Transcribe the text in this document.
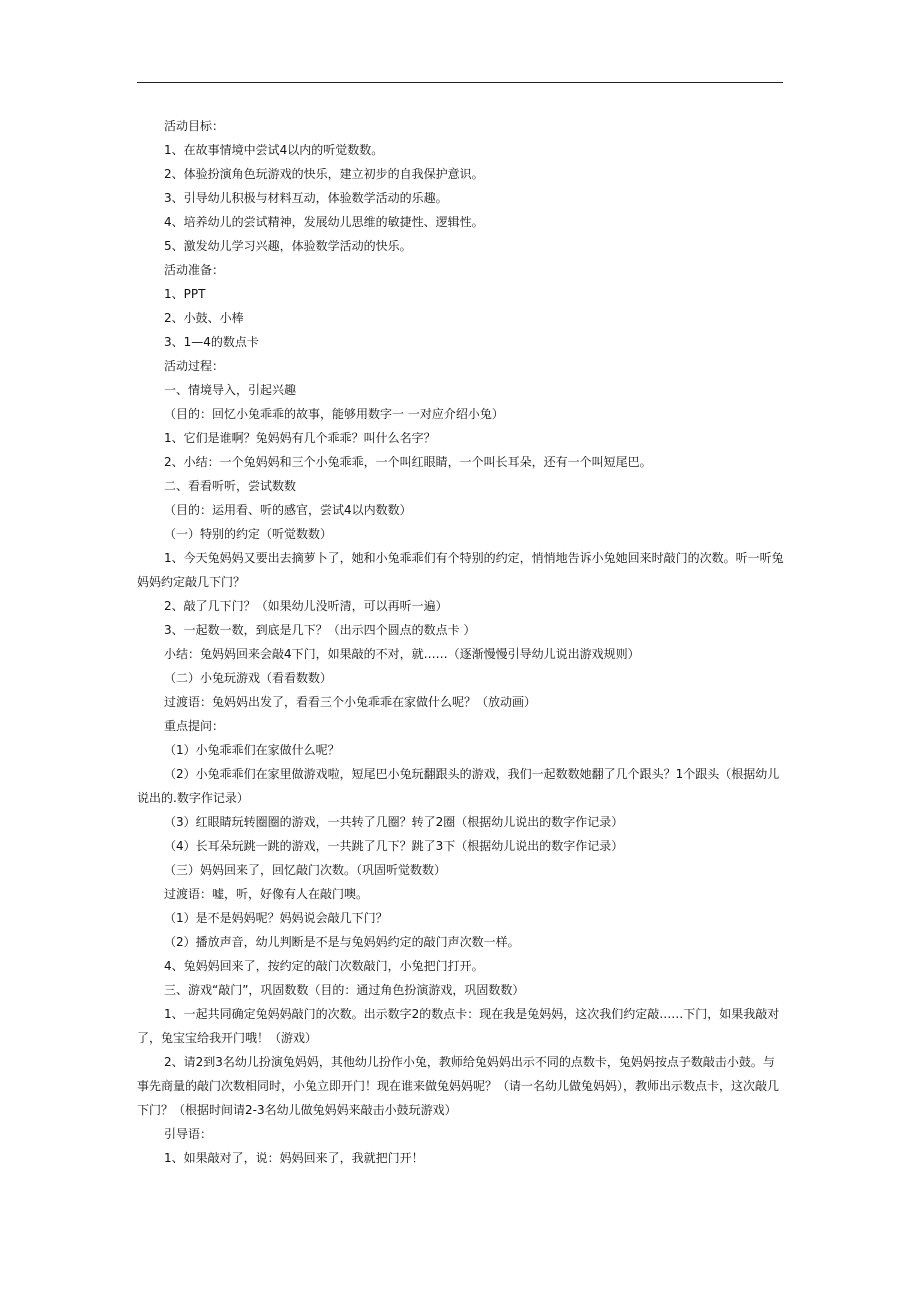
活动目标：

1、在故事情境中尝试4以内的听觉数数。

2、体验扮演角色玩游戏的快乐，建立初步的自我保护意识。

3、引导幼儿积极与材料互动，体验数学活动的乐趣。

4、培养幼儿的尝试精神，发展幼儿思维的敏捷性、逻辑性。

5、激发幼儿学习兴趣，体验数学活动的快乐。

活动准备：

1、PPT

2、小鼓、小棒

3、1—4的数点卡

活动过程：

一、情境导入，引起兴趣

（目的：回忆小兔乖乖的故事，能够用数字一 一对应介绍小兔）

1、它们是谁啊？兔妈妈有几个乖乖？叫什么名字？

2、小结：一个兔妈妈和三个小兔乖乖，一个叫红眼睛，一个叫长耳朵，还有一个叫短尾巴。

二、看看听听，尝试数数

（目的：运用看、听的感官，尝试4以内数数）

（一）特别的约定（听觉数数）

1、今天兔妈妈又要出去摘萝卜了，她和小兔乖乖们有个特别的约定，悄悄地告诉小兔她回来时敲门的次数。听一听兔妈妈约定敲几下门？

2、敲了几下门？（如果幼儿没听清，可以再听一遍）

3、一起数一数，到底是几下？（出示四个圆点的数点卡 ）

小结：兔妈妈回来会敲4下门，如果敲的不对，就……（逐渐慢慢引导幼儿说出游戏规则）

（二）小兔玩游戏（看看数数）

过渡语：兔妈妈出发了，看看三个小兔乖乖在家做什么呢？（放动画）

重点提问：

（1）小兔乖乖们在家做什么呢？

（2）小兔乖乖们在家里做游戏啦，短尾巴小兔玩翻跟头的游戏，我们一起数数她翻了几个跟头？1个跟头（根据幼儿说出的.数字作记录）

（3）红眼睛玩转圈圈的游戏，一共转了几圈？转了2圈（根据幼儿说出的数字作记录）

（4）长耳朵玩跳一跳的游戏，一共跳了几下？跳了3下（根据幼儿说出的数字作记录）

（三）妈妈回来了，回忆敲门次数。（巩固听觉数数）

过渡语：嘘，听，好像有人在敲门噢。

（1）是不是妈妈呢？妈妈说会敲几下门？

（2）播放声音，幼儿判断是不是与兔妈妈约定的敲门声次数一样。

4、兔妈妈回来了，按约定的敲门次数敲门，小兔把门打开。

三、游戏“敲门”，巩固数数（目的：通过角色扮演游戏，巩固数数）

1、一起共同确定兔妈妈敲门的次数。出示数字2的数点卡：现在我是兔妈妈，这次我们约定敲……下门，如果我敲对了，兔宝宝给我开门哦！（游戏）

2、请2到3名幼儿扮演兔妈妈，其他幼儿扮作小兔，教师给兔妈妈出示不同的点数卡，兔妈妈按点子数敲击小鼓。与事先商量的敲门次数相同时，小兔立即开门！现在谁来做兔妈妈呢？（请一名幼儿做兔妈妈），教师出示数点卡，这次敲几下门？（根据时间请2-3名幼儿做兔妈妈来敲击小鼓玩游戏）

引导语：

1、如果敲对了，说：妈妈回来了，我就把门开！
